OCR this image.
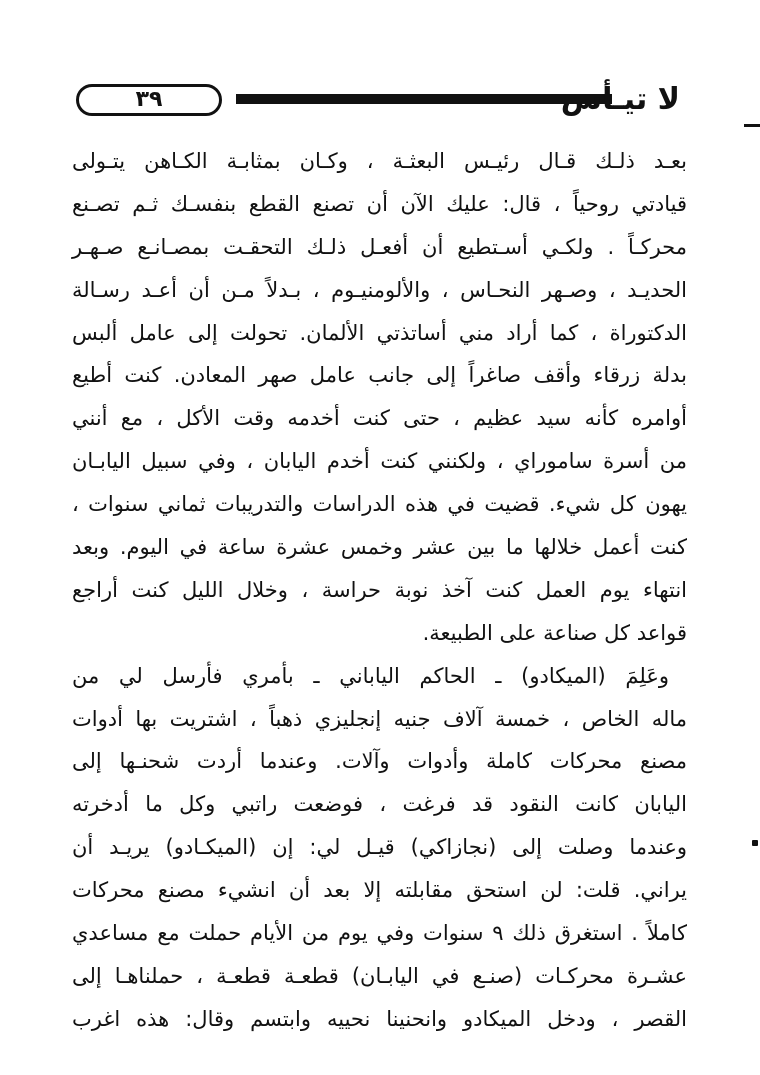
٣٩	لا تيـأس
بعـد ذلـك قـال رئيـس البعثـة ، وكـان بمثابـة الكـاهن يتـولى
قيادتي روحياً ، قال: عليك الآن أن تصنع القطع بنفسـك ثـم تصـنع
محركـاً . ولكـي أسـتطيع أن أفعـل ذلـك التحقـت بمصـانـع صـهـر
الحديـد ، وصـهر النحـاس ، والألومنيـوم ، بـدلاً مـن أن أعـد رسـالة
الدكتوراة ، كما أراد مني أساتذتي الألمان. تحولت إلى عامل ألبس
بدلة زرقاء وأقف صاغراً إلى جانب عامل صهر المعادن. كنت أطيع
أوامره كأنه سيد عظيم ، حتى كنت أخدمه وقت الأكل ، مع أنني
من أسرة ساموراي ، ولكنني كنت أخدم اليابان ، وفي سبيل اليابـان
يهون كل شيء. قضيت في هذه الدراسات والتدريبات ثماني سنوات ،
كنت أعمل خلالها ما بين عشر وخمس عشرة ساعة في اليوم. وبعد
انتهاء يوم العمل كنت آخذ نوبة حراسة ، وخلال الليل كنت أراجع
قواعد كل صناعة على الطبيعة.
وعَلِمَ (الميكادو) ـ الحاكم الياباني ـ بأمري فأرسل لي من
ماله الخاص ، خمسة آلاف جنيه إنجليزي ذهباً ، اشتريت بها أدوات
مصنع محركات كاملة وأدوات وآلات. وعندما أردت شحنـها إلى
اليابان كانت النقود قد فرغت ، فوضعت راتبي وكل ما أدخرته
وعندما وصلت إلى (نجازاكي) قيـل لي: إن (الميكـادو) يريـد أن
يراني. قلت: لن استحق مقابلته إلا بعد أن انشيء مصنع محركات
كاملاً . استغرق ذلك ٩ سنوات وفي يوم من الأيام حملت مع مساعدي
عشـرة محركـات (صنـع في اليابـان) قطعـة قطعـة ، حملناهـا إلى
القصر ، ودخل الميكادو وانحنينا نحييه وابتسم وقال: هذه اغرب
